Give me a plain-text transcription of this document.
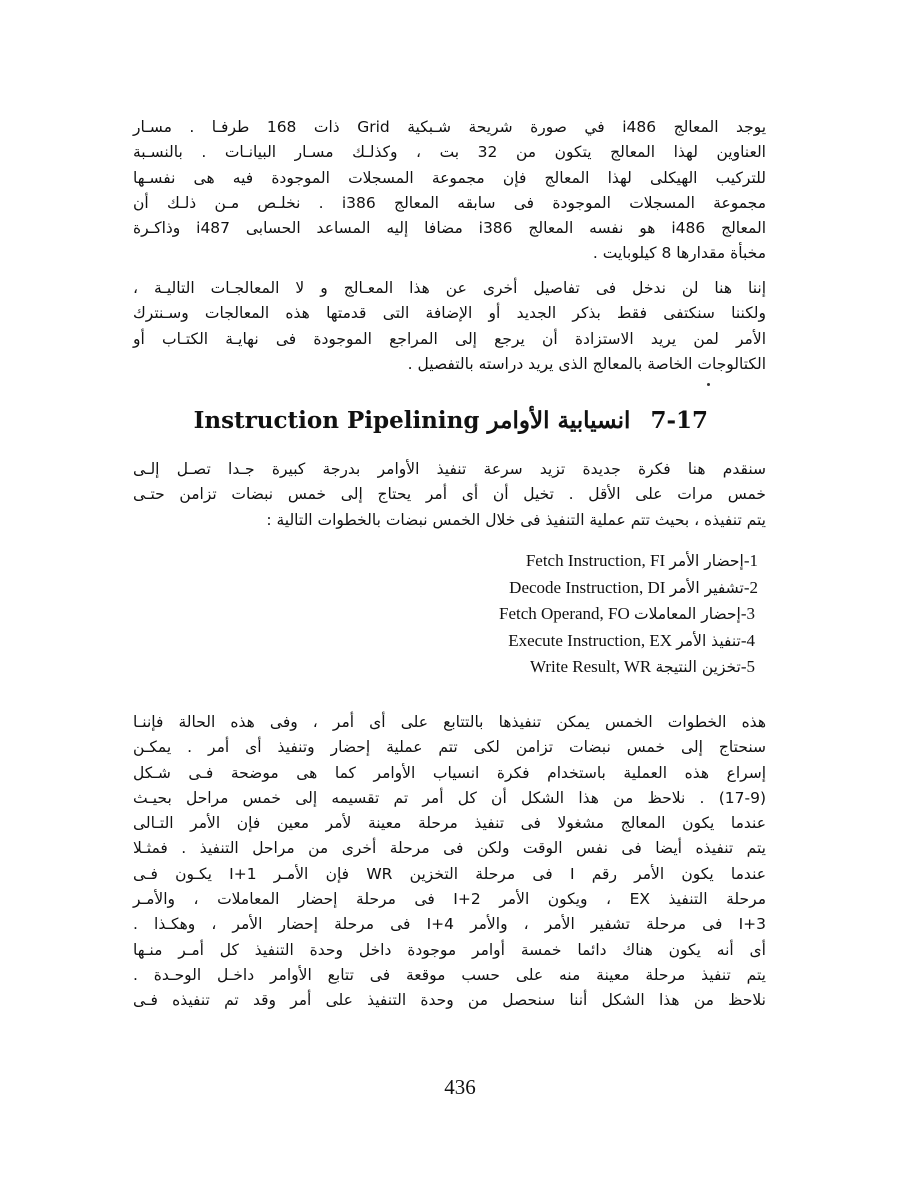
يوجد المعالج i486 في صورة شريحة شـبكية Grid ذات 168 طرفـا . مسـار
العناوين لهذا المعالج يتكون من 32 بت ، وكذلـك مسـار البيانـات . بالنسـبة
للتركيب الهيكلى لهذا المعالج فإن مجموعة المسجلات الموجودة فيه هى نفسـها
مجموعة المسجلات الموجودة فى سابقه المعالج i386 . نخلـص مـن ذلـك أن
المعالج i486 هو نفسه المعالج i386 مضافا إليه المساعد الحسابى i487 وذاكـرة
مخبأة مقدارها 8 كيلوبايت .
إننا هنا لن ندخل فى تفاصيل أخرى عن هذا المعـالج و لا المعالجـات التاليـة ،
ولكننا سنكتفى فقط بذكر الجديد أو الإضافة التى قدمتها هذه المعالجات وسـنترك
الأمر لمن يريد الاستزادة أن يرجع إلى المراجع الموجودة فى نهايـة الكتـاب أو
الكتالوجات الخاصة بالمعالج الذى يريد دراسته بالتفصيل .
7-17 انسيابية الأوامر Instruction Pipelining
سنقدم هنا فكرة جديدة تزيد سرعة تنفيذ الأوامر بدرجة كبيرة جـدا تصـل إلـى
خمس مرات على الأقل . تخيل أن أى أمر يحتاج إلى خمس نبضات تزامن حتـى
يتم تنفيذه ، بحيث تتم عملية التنفيذ فى خلال الخمس نبضات بالخطوات التالية :
1-إحضار الأمر Fetch Instruction, FI
2-تشفير الأمر Decode Instruction, DI
3-إحضار المعاملات Fetch Operand, FO
4-تنفيذ الأمر Execute Instruction, EX
5-تخزين النتيجة Write Result, WR
هذه الخطوات الخمس يمكن تنفيذها بالتتابع على أى أمر ، وفى هذه الحالة فإننـا
سنحتاج إلى خمس نبضات تزامن لكى تتم عملية إحضار وتنفيذ أى أمر . يمكـن
إسراع هذه العملية باستخدام فكرة انسياب الأوامر كما هى موضحة فـى شـكل
(17-9) . نلاحظ من هذا الشكل أن كل أمر تم تقسيمه إلى خمس مراحل بحيـث
عندما يكون المعالج مشغولا فى تنفيذ مرحلة معينة لأمر معين فإن الأمر التـالى
يتم تنفيذه أيضا فى نفس الوقت ولكن فى مرحلة أخرى من مراحل التنفيذ . فمثـلا
عندما يكون الأمر رقم I فى مرحلة التخزين WR فإن الأمـر I+1 يكـون فـى
مرحلة التنفيذ EX ، ويكون الأمر I+2 فى مرحلة إحضار المعاملات ، والأمـر
I+3 فى مرحلة تشفير الأمر ، والأمر I+4 فى مرحلة إحضار الأمر ، وهكـذا .
أى أنه يكون هناك دائما خمسة أوامر موجودة داخل وحدة التنفيذ كل أمـر منـها
يتم تنفيذ مرحلة معينة منه على حسب موقعة فى تتابع الأوامر داخـل الوحـدة .
نلاحظ من هذا الشكل أننا سنحصل من وحدة التنفيذ على أمر وقد تم تنفيذه فـى
436
